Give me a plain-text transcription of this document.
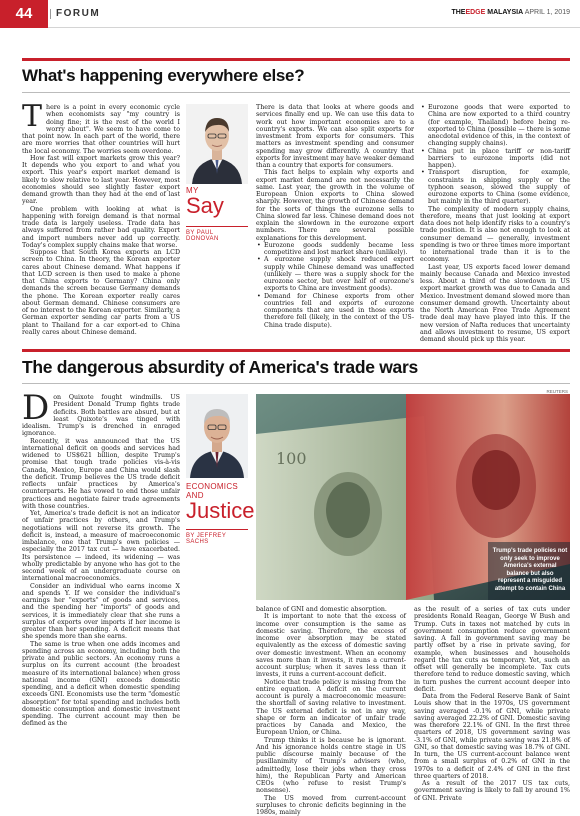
44	FORUM	THEEDGE MALAYSIA APRIL 1, 2019
What's happening everywhere else?
T here is a point in every economic cycle when economists say "my country is doing fine; it is the rest of the world I worry about". We seem to have come to that point now. In each part of the world, there are more worries that other countries will hurt the local economy. The worries seem overdone.

How fast will export markets grow this year? It depends who you export to and what you export. This year's export market demand is likely to slow relative to last year. However, most economies should see slightly faster export demand growth than they had at the end of last year.

One problem with looking at what is happening with foreign demand is that normal trade data is largely useless. Trade data has always suffered from rather bad quality. Export and import numbers never add up correctly. Today's complex supply chains make that worse.

Suppose that South Korea exports an LCD screen to China. In theory, the Korean exporter cares about Chinese demand. What happens if that LCD screen is then used to make a phone that China exports to Germany? China only demands the screen because Germany demands the phone. The Korean exporter really cares about German demand. Chinese consumers are of no interest to the Korean exporter. Similarly, a German exporter sending car parts from a US plant to Thailand for a car export-ed to China really cares about Chinese demand.

MY
Say
BY PAUL DONOVAN

There is data that looks at where goods and services finally end up. We can use this data to work out how important economies are to a country's exports. We can also split exports for investment from exports for consumers. This matters as investment spending and consumer spending may grow differently. A country that exports for investment may have weaker demand than a country that exports for consumers.

This fact helps to explain why exports and export market demand are not necessarily the same. Last year, the growth in the volume of European Union exports to China slowed sharply. However, the growth of Chinese demand for the sorts of things the eurozone sells to China slowed far less. Chinese demand does not explain the slowdown in the eurozone export numbers. There are several possible explanations for this development.

• Eurozone goods suddenly became less competitive and lost market share (unlikely).
• A eurozone supply shock reduced export supply while Chinese demand was unaffected (unlikely — there was a supply shock for the eurozone sector, but over half of eurozone's exports to China are investment goods).
• Demand for Chinese exports from other countries fell and exports of eurozone components that are used in those exports therefore fell (likely, in the context of the US-China trade dispute).
• Eurozone goods that were exported to China are now exported to a third country (for example, Thailand) before being re-exported to China (possible — there is some anecdotal evidence of this, in the context of changing supply chains).
• China put in place tariff or non-tariff barriers to eurozone imports (did not happen).
• Transport disruption, for example, constraints in shipping supply or the typhoon season, slowed the supply of eurozone exports to China (some evidence, but mainly in the third quarter).

The complexity of modern supply chains, therefore, means that just looking at export data does not help identify risks to a country's trade position. It is also not enough to look at consumer demand — generally, investment spending is two or three times more important to international trade than it is to the economy.

Last year, US exports faced lower demand mainly because Canada and Mexico invested less. About a third of the slowdown in US export market growth was due to Canada and Mexico. Investment demand slowed more than consumer demand growth. Uncertainty about the North American Free Trade Agreement trade deal may have played into this. If the new version of Nafta reduces that uncertainty and allows investment to resume, US export demand should pick up this year.

The dangerous absurdity of America's trade wars
D on Quixote fought windmills. US President Donald Trump fights trade deficits. Both battles are absurd, but at least Quixote's was tinged with idealism. Trump's is drenched in enraged ignorance.

Recently, it was announced that the US international deficit on goods and services had widened to US$621 billion, despite Trump's promise that tough trade policies vis-à-vis Canada, Mexico, Europe and China would slash the deficit. Trump believes the US trade deficit reflects unfair practices by America's counterparts. He has vowed to end those unfair practices and negotiate fairer trade agreements with those countries.

Yet, America's trade deficit is not an indicator of unfair practices by others, and Trump's negotiations will not reverse its growth. The deficit is, instead, a measure of macroeconomic imbalance, one that Trump's own policies — especially the 2017 tax cut — have exacerbated. Its persistence — indeed, its widening — was wholly predictable by anyone who has got to the second week of an undergraduate course on international macroeconomics.

Consider an individual who earns income X and spends Y. If we consider the individual's earnings her "exports" of goods and services, and the spending her "imports" of goods and services, it is immediately clear that she runs a surplus of exports over imports if her income is greater than her spending. A deficit means that she spends more than she earns.

The same is true when one adds incomes and spending across an economy, including both the private and public sectors. An economy runs a surplus on its current account (the broadest measure of its international balance) when gross national income (GNI) exceeds domestic spending, and a deficit when domestic spending exceeds GNI. Economists use the term "domestic absorption" for total spending and includes both domestic consumption and domestic investment spending. The current account may then be defined as the

ECONOMICS
AND
Justice
BY JEFFREY SACHS
REUTERS
100
Trump's trade policies not only seek to improve America's external balance but also represent a misguided attempt to contain China

balance of GNI and domestic absorption.

It is important to note that the excess of income over consumption is the same as domestic saving. Therefore, the excess of income over absorption may be stated equivalently as the excess of domestic saving over domestic investment. When an economy saves more than it invests, it runs a current-account surplus; when it saves less than it invests, it runs a current-account deficit.

Notice that trade policy is missing from the entire equation. A deficit on the current account is purely a macroeconomic measure: the shortfall of saving relative to investment. The US external deficit is not in any way, shape or form an indicator of unfair trade practices by Canada and Mexico, the European Union, or China.

Trump thinks it is because he is ignorant. And his ignorance holds centre stage in US public discourse mainly because of the pusillanimity of Trump's advisers (who, admittedly, lose their jobs when they cross him), the Republican Party and American CEOs (who refuse to resist Trump's nonsense).

The US moved from current-account surpluses to chronic deficits beginning in the 1980s, mainly

as the result of a series of tax cuts under presidents Ronald Reagan, George W Bush and Trump. Cuts in taxes not matched by cuts in government consumption reduce government saving. A fall in government saving may be partly offset by a rise in private saving, for example, when businesses and households regard the tax cuts as temporary. Yet, such an offset will generally be incomplete. Tax cuts therefore tend to reduce domestic saving, which in turn pushes the current account deeper into deficit.

Data from the Federal Reserve Bank of Saint Louis show that in the 1970s, US government saving averaged -0.1% of GNI, while private saving averaged 22.2% of GNI. Domestic saving was therefore 22.1% of GNI. In the first three quarters of 2018, US government saving was -3.1% of GNI, while private saving was 21.8% of GNI, so that domestic saving was 18.7% of GNI. In turn, the US current-account balance went from a small surplus of 0.2% of GNI in the 1970s to a deficit of 2.4% of GNI in the first three quarters of 2018.

As a result of the 2017 US tax cuts, government saving is likely to fall by around 1% of GNI. Private
